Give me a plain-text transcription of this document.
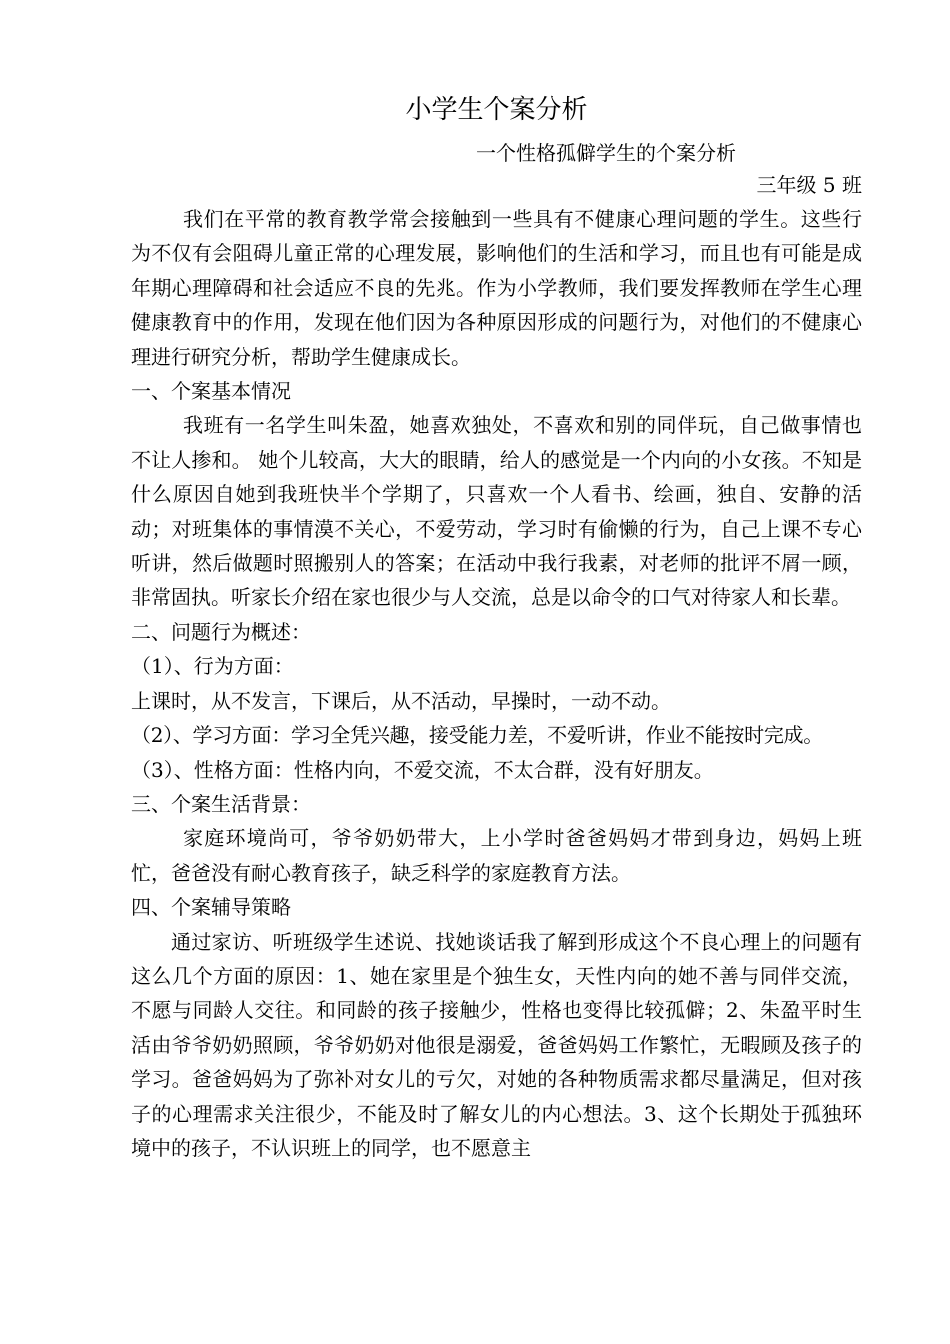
小学生个案分析
一个性格孤僻学生的个案分析
三年级 5 班

我们在平常的教育教学常会接触到一些具有不健康心理问题的学生。这些行为不仅有会阻碍儿童正常的心理发展，影响他们的生活和学习，而且也有可能是成年期心理障碍和社会适应不良的先兆。作为小学教师，我们要发挥教师在学生心理健康教育中的作用，发现在他们因为各种原因形成的问题行为，对他们的不健康心理进行研究分析，帮助学生健康成长。

一、个案基本情况

我班有一名学生叫朱盈，她喜欢独处，不喜欢和别的同伴玩，自己做事情也不让人掺和。 她个儿较高，大大的眼睛，给人的感觉是一个内向的小女孩。不知是什么原因自她到我班快半个学期了，只喜欢一个人看书、绘画，独自、安静的活动；对班集体的事情漠不关心，不爱劳动，学习时有偷懒的行为，自己上课不专心听讲，然后做题时照搬别人的答案；在活动中我行我素，对老师的批评不屑一顾，非常固执。听家长介绍在家也很少与人交流，总是以命令的口气对待家人和长辈。

二、问题行为概述：

（1）、行为方面：

上课时，从不发言，下课后，从不活动，早操时，一动不动。

（2）、学习方面：学习全凭兴趣，接受能力差，不爱听讲，作业不能按时完成。

（3）、性格方面：性格内向，不爱交流，不太合群，没有好朋友。

三、个案生活背景：

家庭环境尚可，爷爷奶奶带大，上小学时爸爸妈妈才带到身边，妈妈上班忙，爸爸没有耐心教育孩子，缺乏科学的家庭教育方法。

四、个案辅导策略

通过家访、听班级学生述说、找她谈话我了解到形成这个不良心理上的问题有这么几个方面的原因：1、她在家里是个独生女，天性内向的她不善与同伴交流，不愿与同龄人交往。和同龄的孩子接触少，性格也变得比较孤僻；2、朱盈平时生活由爷爷奶奶照顾，爷爷奶奶对他很是溺爱，爸爸妈妈工作繁忙，无暇顾及孩子的学习。爸爸妈妈为了弥补对女儿的亏欠，对她的各种物质需求都尽量满足，但对孩子的心理需求关注很少，不能及时了解女儿的内心想法。3、这个长期处于孤独环境中的孩子，不认识班上的同学，也不愿意主
